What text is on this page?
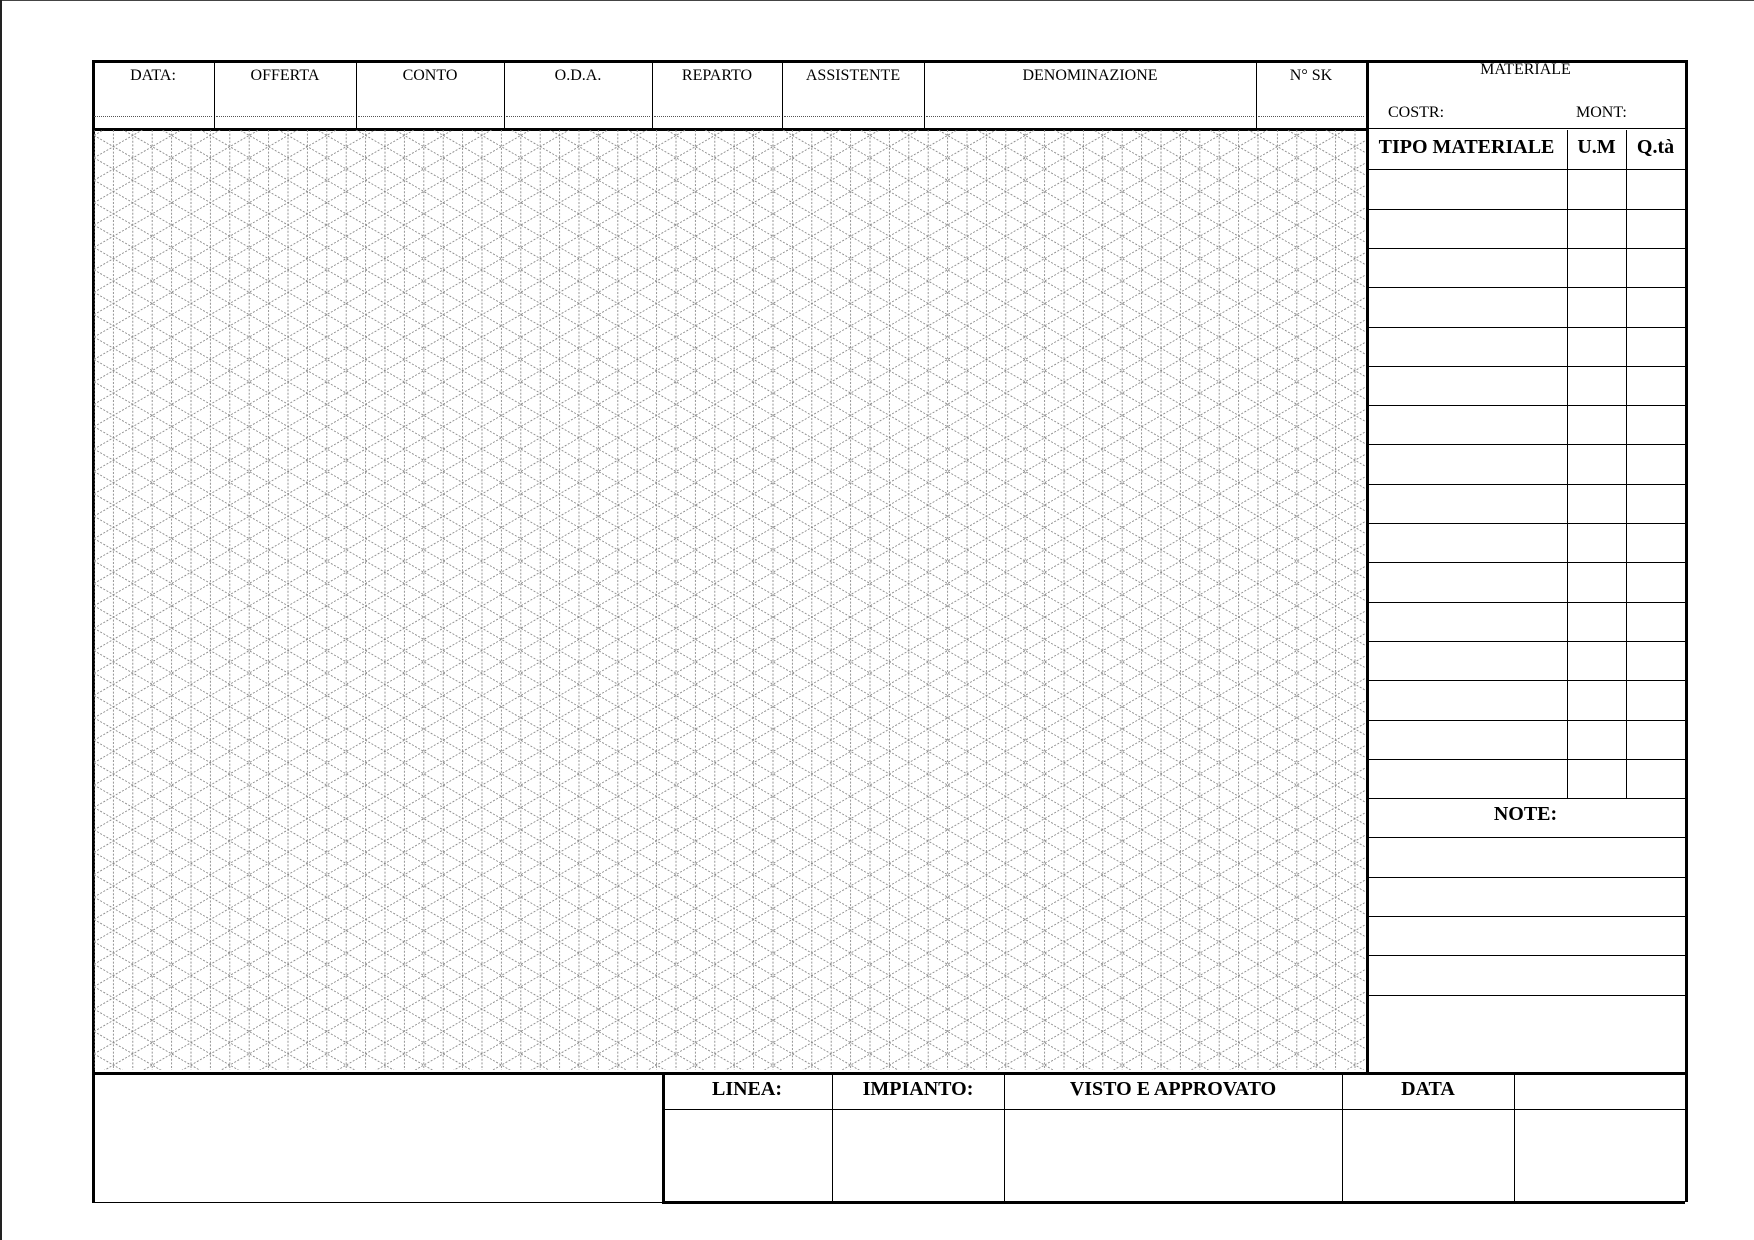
DATA:	OFFERTA	CONTO	O.D.A.	REPARTO	ASSISTENTE	DENOMINAZIONE	N° SK	MATERIALE
COSTR:	MONT:
TIPO MATERIALE	U.M	Q.tà
NOTE:
LINEA:	IMPIANTO:	VISTO E APPROVATO	DATA
